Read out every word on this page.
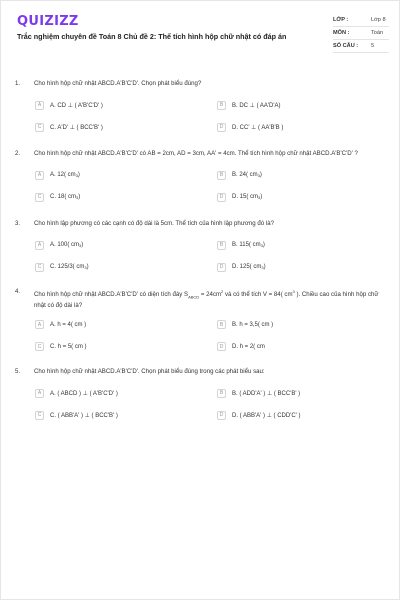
QUIZIZZ
Trắc nghiệm chuyên đề Toán 8 Chủ đề 2: Thể tích hình hộp chữ nhật có đáp án
LỚP :	Lớp 8
MÔN :	Toán
SỐ CÂU : 5
1.	Cho hình hộp chữ nhật ABCD.A'B'C'D'. Chọn phát biểu đúng?
A	A. CD ⊥ ( A'B'C'D' )	B	B. DC ⊥ ( AA'D'A)
C	C. A'D' ⊥ ( BCC'B' )	D	D. CC' ⊥ ( AA'B'B )
2.	Cho hình hộp chữ nhật ABCD.A'B'C'D' có AB = 2cm, AD = 3cm, AA' = 4cm. Thể tích hình hộp chữ nhật ABCD.A'B'C'D' ?
A	A. 12( cm 3 )	B	B. 24( cm 3 )
C	C. 18( cm 3 )	D	D. 15( cm 3 )
3.	Cho hình lập phương có các cạnh có độ dài là 5cm. Thể tích của hình lập phương đó là?
A	A. 100( cm 3 )	B	B. 115( cm 3 )
C	C. 125/3( cm 3 )	D	D. 125( cm 3 )
4.	Cho hình hộp chữ nhật ABCD.A'B'C'D' có diện tích đáy $S_{ABCD} = 24cm^2$ và có thể tích V = 84( $cm^3$ ). Chiều cao của hình hộp chữ nhật có độ dài là?
A	A. h = 4( cm )	B	B. h = 3,5( cm )
C	C. h = 5( cm )	D	D. h = 2( cm
5.	Cho hình hộp chữ nhật ABCD.A'B'C'D'. Chọn phát biểu đúng trong các phát biểu sau:
A	A. ( ABCD ) ⊥ ( A'B'C'D' )	B	B. ( ADD'A' ) ⊥ ( BCC'B' )
C	C. ( ABB'A' ) ⊥ ( BCC'B' )	D	D. ( ABB'A' ) ⊥ ( CDD'C' )
